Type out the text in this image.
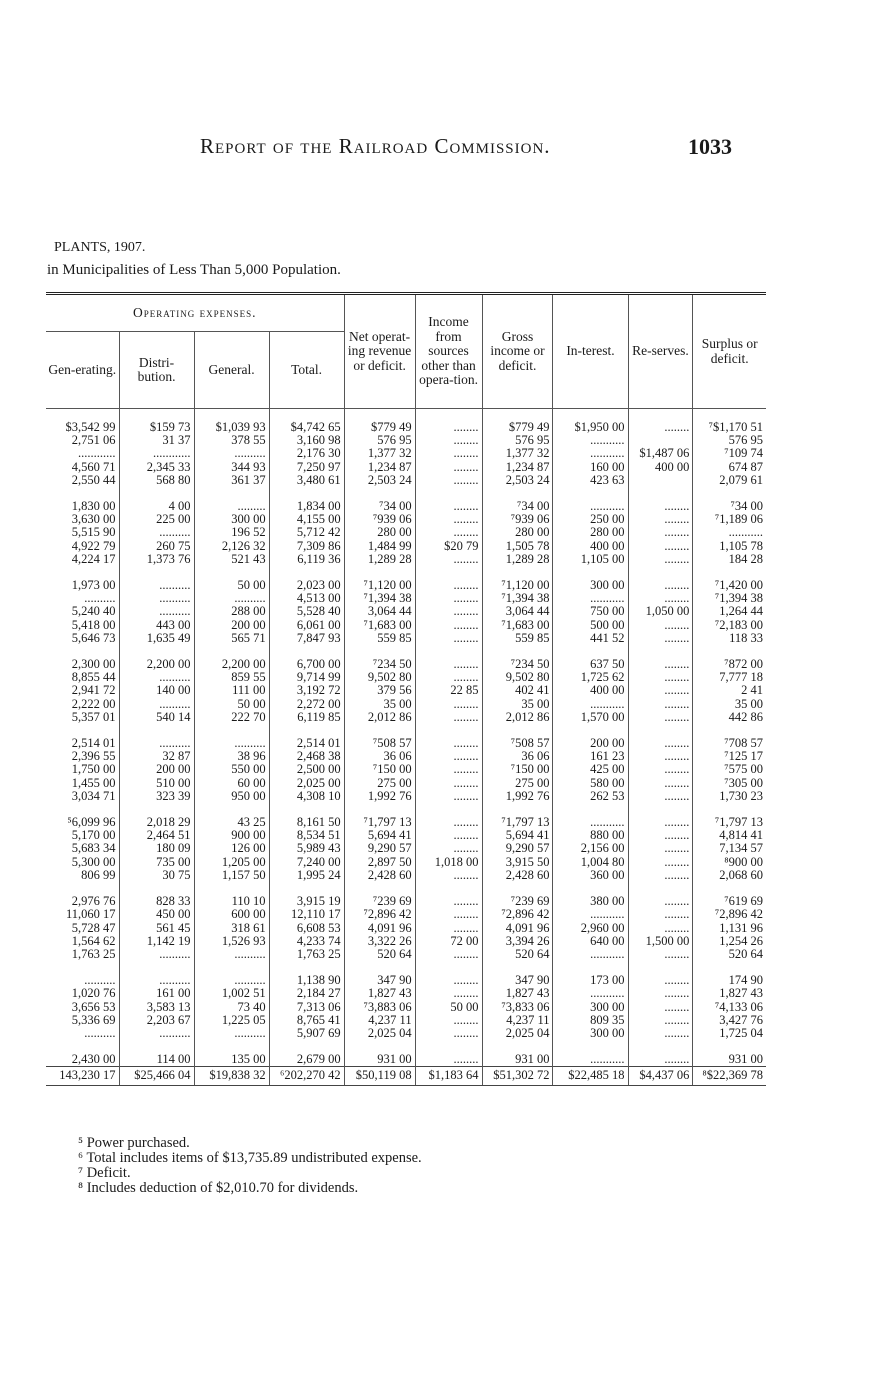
Report of the Railroad Commission.	1033
PLANTS, 1907.
in Municipalities of Less Than 5,000 Population.
Operating expenses.				Net operat-ing revenue or deficit.	Income from sources other than opera-tion.	Gross income or deficit.	In-terest.	Re-serves.	Surplus or deficit.
Gen-erating.	Distri-bution.	General.	Total.						

$3,542 99	$159 73	$1,039 93	$4,742 65	$779 49	........	$779 49	$1,950 00	........	⁷$1,170 51
2,751 06	31 37	378 55	3,160 98	576 95	........	576 95	...........		576 95
............	............	..........	2,176 30	1,377 32	........	1,377 32	...........	$1,487 06	⁷109 74
4,560 71	2,345 33	344 93	7,250 97	1,234 87	........	1,234 87	160 00	400 00	674 87
2,550 44	568 80	361 37	3,480 61	2,503 24	........	2,503 24	423 63		2,079 61

1,830 00	4 00	.........	1,834 00	⁷34 00	........	⁷34 00	...........	........	⁷34 00
3,630 00	225 00	300 00	4,155 00	⁷939 06	........	⁷939 06	250 00	........	⁷1,189 06
5,515 90	..........	196 52	5,712 42	280 00	........	280 00	280 00	........	...........
4,922 79	260 75	2,126 32	7,309 86	1,484 99	$20 79	1,505 78	400 00	........	1,105 78
4,224 17	1,373 76	521 43	6,119 36	1,289 28	........	1,289 28	1,105 00	........	184 28

1,973 00	..........	50 00	2,023 00	⁷1,120 00	........	⁷1,120 00	300 00	........	⁷1,420 00
..........	..........	..........	4,513 00	⁷1,394 38	........	⁷1,394 38	...........	........	⁷1,394 38
5,240 40	..........	288 00	5,528 40	3,064 44	........	3,064 44	750 00	1,050 00	1,264 44
5,418 00	443 00	200 00	6,061 00	⁷1,683 00	........	⁷1,683 00	500 00	........	⁷2,183 00
5,646 73	1,635 49	565 71	7,847 93	559 85	........	559 85	441 52	........	118 33

2,300 00	2,200 00	2,200 00	6,700 00	⁷234 50	........	⁷234 50	637 50	........	⁷872 00
8,855 44	..........	859 55	9,714 99	9,502 80	........	9,502 80	1,725 62	........	7,777 18
2,941 72	140 00	111 00	3,192 72	379 56	22 85	402 41	400 00	........	2 41
2,222 00	..........	50 00	2,272 00	35 00	........	35 00	...........	........	35 00
5,357 01	540 14	222 70	6,119 85	2,012 86	........	2,012 86	1,570 00	........	442 86

2,514 01	..........	..........	2,514 01	⁷508 57	........	⁷508 57	200 00	........	⁷708 57
2,396 55	32 87	38 96	2,468 38	36 06	........	36 06	161 23	........	⁷125 17
1,750 00	200 00	550 00	2,500 00	⁷150 00	........	⁷150 00	425 00	........	⁷575 00
1,455 00	510 00	60 00	2,025 00	275 00	........	275 00	580 00	........	⁷305 00
3,034 71	323 39	950 00	4,308 10	1,992 76	........	1,992 76	262 53	........	1,730 23

⁵6,099 96	2,018 29	43 25	8,161 50	⁷1,797 13	........	⁷1,797 13	...........	........	⁷1,797 13
5,170 00	2,464 51	900 00	8,534 51	5,694 41	........	5,694 41	880 00	........	4,814 41
5,683 34	180 09	126 00	5,989 43	9,290 57	........	9,290 57	2,156 00	........	7,134 57
5,300 00	735 00	1,205 00	7,240 00	2,897 50	1,018 00	3,915 50	1,004 80	........	⁸900 00
806 99	30 75	1,157 50	1,995 24	2,428 60	........	2,428 60	360 00	........	2,068 60

2,976 76	828 33	110 10	3,915 19	⁷239 69	........	⁷239 69	380 00	........	⁷619 69
11,060 17	450 00	600 00	12,110 17	⁷2,896 42	........	⁷2,896 42	...........	........	⁷2,896 42
5,728 47	561 45	318 61	6,608 53	4,091 96	........	4,091 96	2,960 00	........	1,131 96
1,564 62	1,142 19	1,526 93	4,233 74	3,322 26	72 00	3,394 26	640 00	1,500 00	1,254 26
1,763 25	..........	..........	1,763 25	520 64	........	520 64	...........	........	520 64

..........	..........	..........	1,138 90	347 90	........	347 90	173 00	........	174 90
1,020 76	161 00	1,002 51	2,184 27	1,827 43	........	1,827 43	...........	........	1,827 43
3,656 53	3,583 13	73 40	7,313 06	⁷3,883 06	50 00	⁷3,833 06	300 00	........	⁷4,133 06
5,336 69	2,203 67	1,225 05	8,765 41	4,237 11	........	4,237 11	809 35	........	3,427 76
..........	..........	..........	5,907 69	2,025 04	........	2,025 04	300 00	........	1,725 04

2,430 00	114 00	135 00	2,679 00	931 00	........	931 00	...........	........	931 00
143,230 17	$25,466 04	$19,838 32	⁶202,270 42	$50,119 08	$1,183 64	$51,302 72	$22,485 18	$4,437 06	⁸$22,369 78
⁵ Power purchased.
⁶ Total includes items of $13,735.89 undistributed expense.
⁷ Deficit.
⁸ Includes deduction of $2,010.70 for dividends.
